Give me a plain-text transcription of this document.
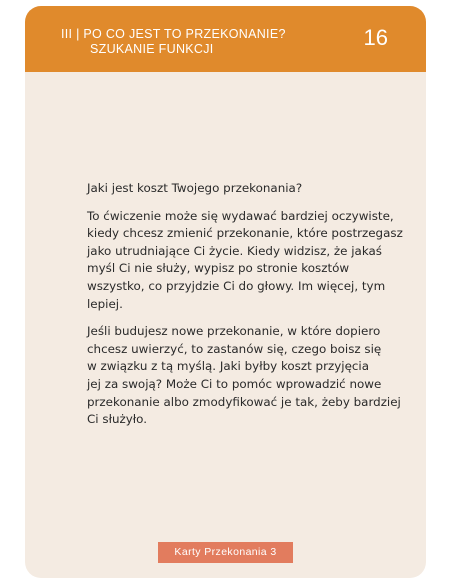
III | PO CO JEST TO PRZEKONANIE?
SZUKANIE FUNKCJI	16

Jaki jest koszt Twojego przekonania?

To ćwiczenie może się wydawać bardziej oczywiste,
kiedy chcesz zmienić przekonanie, które postrzegasz
jako utrudniające Ci życie. Kiedy widzisz, że jakaś
myśl Ci nie służy, wypisz po stronie kosztów
wszystko, co przyjdzie Ci do głowy. Im więcej, tym
lepiej.

Jeśli budujesz nowe przekonanie, w które dopiero
chcesz uwierzyć, to zastanów się, czego boisz się
w związku z tą myślą. Jaki byłby koszt przyjęcia
jej za swoją? Może Ci to pomóc wprowadzić nowe
przekonanie albo zmodyfikować je tak, żeby bardziej
Ci służyło.

Karty Przekonania 3
